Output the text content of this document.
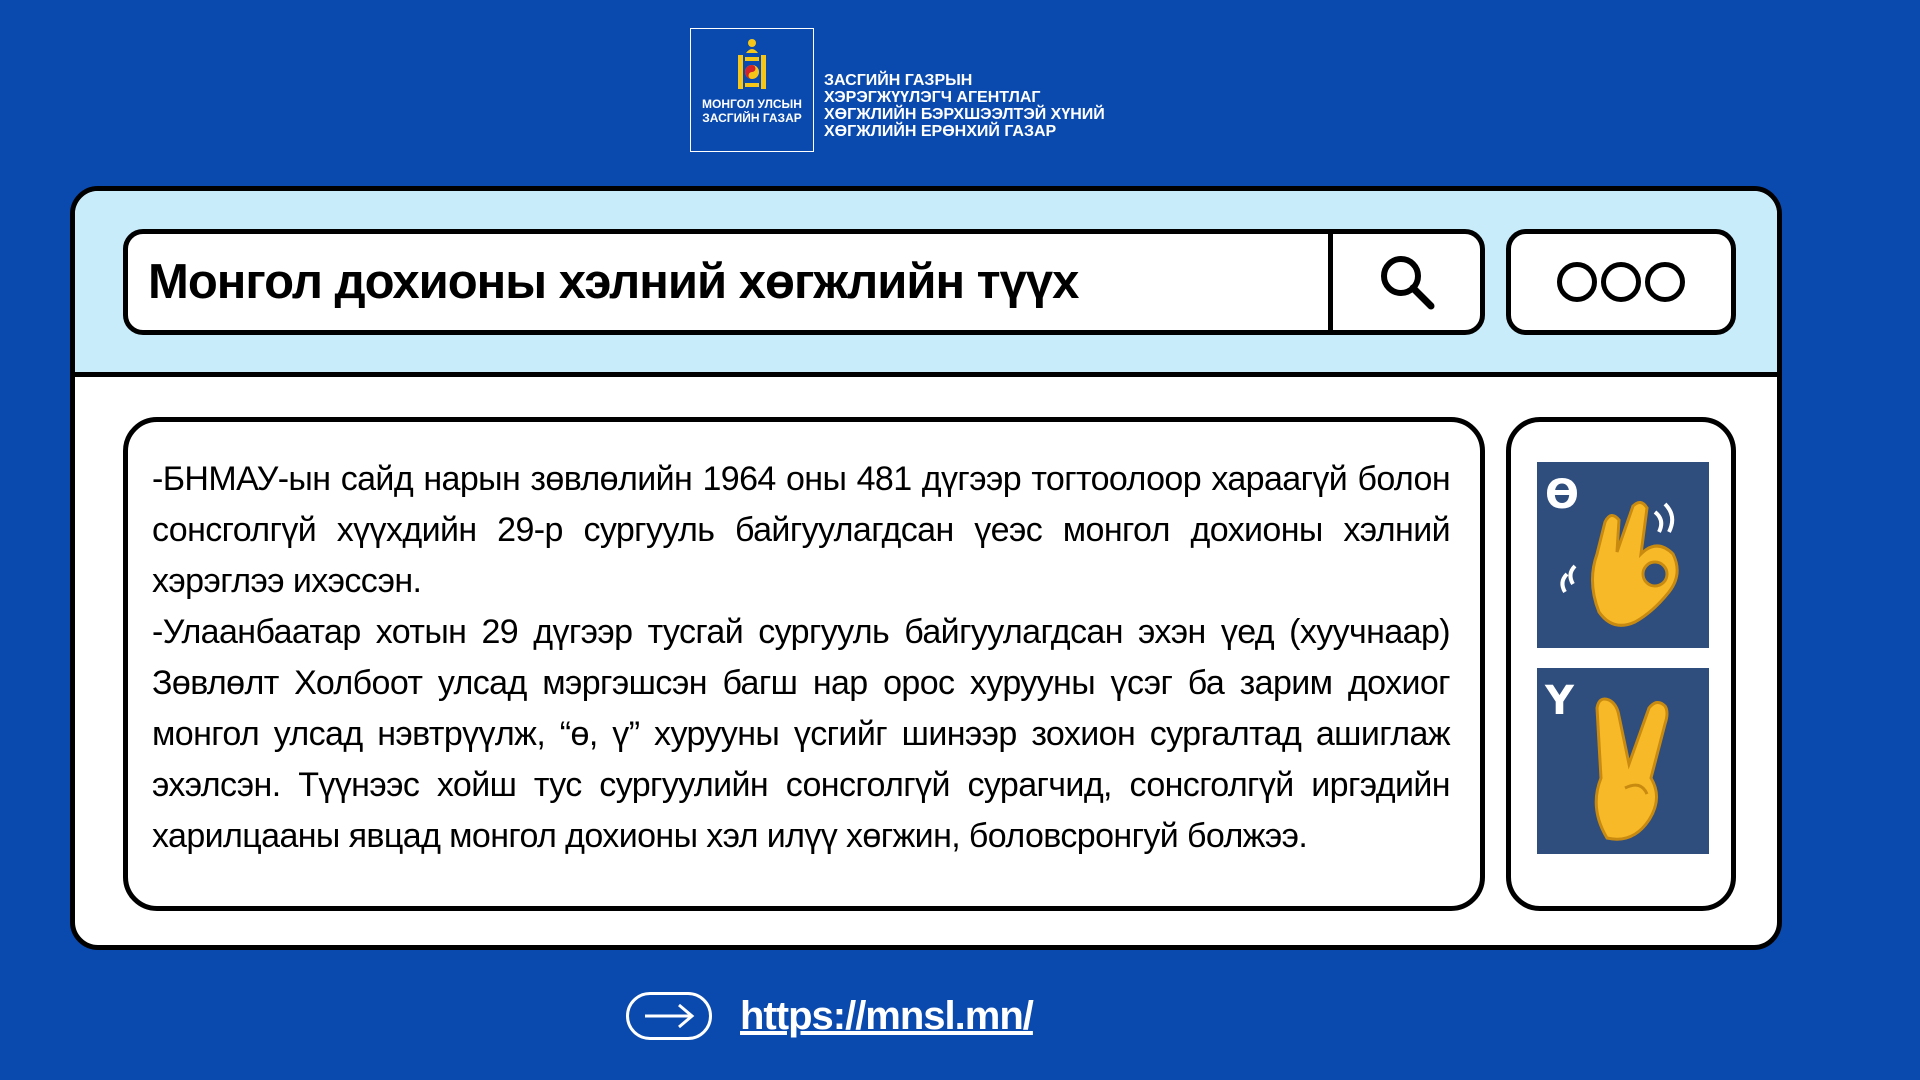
МОНГОЛ УЛСЫН
ЗАСГИЙН ГАЗАР
ЗАСГИЙН ГАЗРЫН
ХЭРЭГЖҮҮЛЭГЧ АГЕНТЛАГ
ХӨГЖЛИЙН БЭРХШЭЭЛТЭЙ ХҮНИЙ
ХӨГЖЛИЙН ЕРӨНХИЙ ГАЗАР
Монгол дохионы хэлний хөгжлийн түүх

-БНМАУ-ын сайд нарын зөвлөлийн 1964 оны 481 дүгээр тогтоолоор хараагүй болон сонсголгүй хүүхдийн 29-р сургууль байгуулагдсан үеэс монгол дохионы хэлний хэрэглээ ихэссэн.

-Улаанбаатар хотын 29 дүгээр тусгай сургууль байгуулагдсан эхэн үед (хуучнаар) Зөвлөлт Холбоот улсад мэргэшсэн багш нар орос хурууны үсэг ба зарим дохиог монгол улсад нэвтрүүлж, “ө, ү” хурууны үсгийг шинээр зохион сургалтад ашиглаж эхэлсэн. Түүнээс хойш тус сургуулийн сонсголгүй сурагчид, сонсголгүй иргэдийн харилцааны явцад монгол дохионы хэл илүү хөгжин, боловсронгуй болжээ.

Ө
Ү
https://mnsl.mn/
